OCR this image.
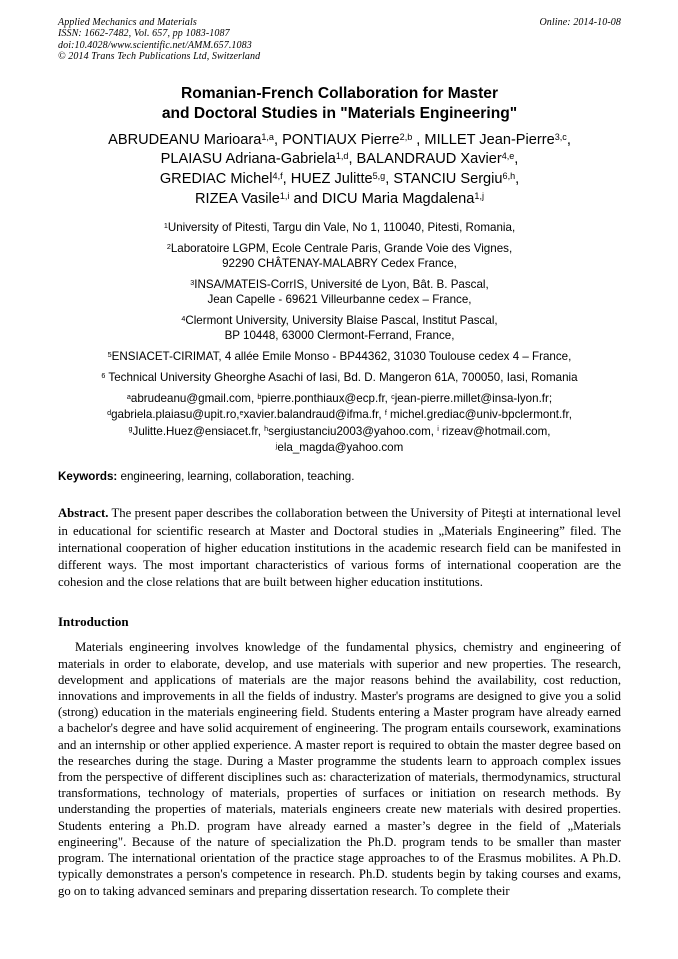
Applied Mechanics and Materials
ISSN: 1662-7482, Vol. 657, pp 1083-1087
doi:10.4028/www.scientific.net/AMM.657.1083
© 2014 Trans Tech Publications Ltd, Switzerland
Online: 2014-10-08
Romanian-French Collaboration for Master
and Doctoral Studies in "Materials Engineering"
ABRUDEANU Marioara$^{1,a}$, PONTIAUX Pierre$^{2,b}$ , MILLET Jean-Pierre$^{3,c}$,
PLAIASU Adriana-Gabriela$^{1,d}$, BALANDRAUD Xavier$^{4,e}$,
GREDIAC Michel$^{4,f}$, HUEZ Julitte$^{5,g}$, STANCIU Sergiu$^{6,h}$,
RIZEA Vasile$^{1,i}$ and DICU Maria Magdalena$^{1,j}$
$^1$University of Pitesti, Targu din Vale, No 1, 110040, Pitesti, Romania,
$^2$Laboratoire LGPM, Ecole Centrale Paris, Grande Voie des Vignes,
92290 CHÂTENAY-MALABRY Cedex France,
$^3$INSA/MATEIS-CorrIS, Université de Lyon, Bât. B. Pascal,
Jean Capelle - 69621 Villeurbanne cedex – France,
$^4$Clermont University, University Blaise Pascal, Institut Pascal,
BP 10448, 63000 Clermont-Ferrand, France,
$^5$ENSIACET-CIRIMAT, 4 allée Emile Monso - BP44362, 31030 Toulouse cedex 4 – France,
$^6$ Technical University Gheorghe Asachi of Iasi, Bd. D. Mangeron 61A, 700050, Iasi, Romania
$^a$abrudeanu@gmail.com, $^b$pierre.ponthiaux@ecp.fr, $^c$jean-pierre.millet@insa-lyon.fr;
$^d$gabriela.plaiasu@upit.ro,$^e$xavier.balandraud@ifma.fr, $^f$ michel.grediac@univ-bpclermont.fr,
$^g$Julitte.Huez@ensiacet.fr, $^h$sergiustanciu2003@yahoo.com, $^i$ rizeav@hotmail.com,
$^j$ela_magda@yahoo.com

Keywords: engineering, learning, collaboration, teaching.

Abstract. The present paper describes the collaboration between the University of Piteşti at international level in educational for scientific research at Master and Doctoral studies in „Materials Engineering” filed. The international cooperation of higher education institutions in the academic research field can be manifested in different ways. The most important characteristics of various forms of international cooperation are the cohesion and the close relations that are built between higher education institutions.

Introduction

Materials engineering involves knowledge of the fundamental physics, chemistry and engineering of materials in order to elaborate, develop, and use materials with superior and new properties. The research, development and applications of materials are the major reasons behind the availability, cost reduction, innovations and improvements in all the fields of industry. Master's programs are designed to give you a solid (strong) education in the materials engineering field. Students entering a Master program have already earned a bachelor's degree and have solid acquirement of engineering. The program entails coursework, examinations and an internship or other applied experience. A master report is required to obtain the master degree based on the researches during the stage. During a Master programme the students learn to approach complex issues from the perspective of different disciplines such as: characterization of materials, thermodynamics, structural transformations, technology of materials, properties of surfaces or initiation on research methods. By understanding the properties of materials, materials engineers create new materials with desired properties. Students entering a Ph.D. program have already earned a master’s degree in the field of „Materials engineering". Because of the nature of specialization the Ph.D. program tends to be smaller than master program. The international orientation of the practice stage approaches to of the Erasmus mobilites. A Ph.D. typically demonstrates a person's competence in research. Ph.D. students begin by taking courses and exams, go on to taking advanced seminars and preparing dissertation research. To complete their
